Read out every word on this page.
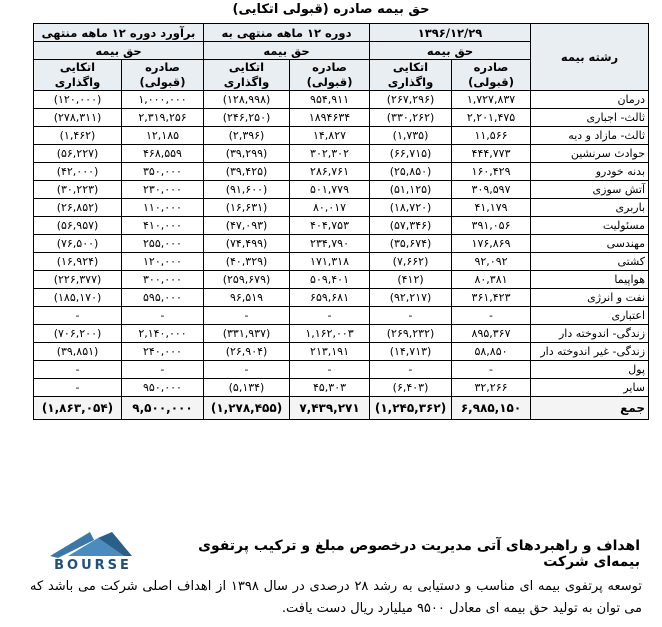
حق بیمه صادره (قبولی اتکایی)
رشته بیمه	۱۳۹۶/۱۲/۲۹		دوره ۱۲ ماهه منتهی به		برآورد دوره ۱۲ ماهه منتهی	
	حق بیمه		حق بیمه		حق بیمه	
	صادره (قبولی)	اتکایی واگذاری	صادره (قبولی)	اتکایی واگذاری	صادره (قبولی)	اتکایی واگذاری
درمان	۱,۷۲۷,۸۳۷	(۲۶۷,۲۹۶)	۹۵۴,۹۱۱	(۱۲۸,۹۹۸)	۱,۰۰۰,۰۰۰	(۱۲۰,۰۰۰)
ثالث- اجباری	۲,۲۰۱,۴۷۵	(۳۳۰,۲۶۲)	۱۸۹۴۶۳۴	(۲۴۶,۲۵۰)	۲,۳۱۹,۲۵۶	(۲۷۸,۳۱۱)
ثالث- مازاد و دیه	۱۱,۵۶۶	(۱,۷۳۵)	۱۴,۸۲۷	(۲,۳۹۶)	۱۲,۱۸۵	(۱,۴۶۲)
حوادث سرنشین	۴۴۴,۷۷۳	(۶۶,۷۱۵)	۳۰۲,۳۰۲	(۳۹,۲۹۹)	۴۶۸,۵۵۹	(۵۶,۲۲۷)
بدنه خودرو	۱۶۰,۴۲۹	(۲۵,۸۵۰)	۲۸۶,۷۶۱	(۳۹,۴۲۵)	۳۵۰,۰۰۰	(۴۲,۰۰۰)
آتش سوزی	۳۰۹,۵۹۷	(۵۱,۱۲۵)	۵۰۱,۷۷۹	(۹۱,۶۰۰)	۲۳۰,۰۰۰	(۳۰,۲۲۳)
باربری	۴۱,۱۷۹	(۱۸,۷۲۰)	۸۰,۰۱۷	(۱۶,۶۳۱)	۱۱۰,۰۰۰	(۲۶,۸۵۲)
مسئولیت	۳۹۱,۰۵۶	(۵۷,۳۴۶)	۴۰۴,۷۵۳	(۴۷,۰۹۳)	۴۱۰,۰۰۰	(۵۶,۹۵۷)
مهندسی	۱۷۶,۸۶۹	(۳۵,۶۷۴)	۲۳۴,۷۹۰	(۷۴,۴۹۹)	۲۵۵,۰۰۰	(۷۶,۵۰۰)
کشتی	۹۲,۰۹۲	(۷,۶۶۲)	۱۷۱,۳۱۸	(۴۰,۳۲۹)	۱۲۰,۰۰۰	(۱۶,۹۲۴)
هواپیما	۸۰,۳۸۱	(۴۱۲)	۵۰۹,۴۰۱	(۲۵۹,۶۷۹)	۳۰۰,۰۰۰	(۲۲۶,۳۷۷)
نفت و انرژی	۳۶۱,۴۲۳	(۹۲,۲۱۷)	۶۵۹,۶۸۱	۹۶,۵۱۹	۵۹۵,۰۰۰	(۱۸۵,۱۷۰)
اعتباری	-	-	-	-	-	-
زندگی- اندوخته دار	۸۹۵,۳۶۷	(۲۶۹,۲۳۲)	۱,۱۶۲,۰۰۳	(۳۳۱,۹۳۷)	۲,۱۴۰,۰۰۰	(۷۰۶,۲۰۰)
زندگی- غیر اندوخته دار	۵۸,۸۵۰	(۱۴,۷۱۳)	۲۱۳,۱۹۱	(۲۶,۹۰۴)	۲۴۰,۰۰۰	(۳۹,۸۵۱)
پول	-	-	-	-	-	-
سایر	۳۲,۲۶۶	(۶,۴۰۳)	۴۵,۳۰۳	(۵,۱۳۴)	۹۵۰,۰۰۰	-
جمع	۶,۹۸۵,۱۵۰	(۱,۲۴۵,۳۶۲)	۷,۴۳۹,۲۷۱	(۱,۲۷۸,۴۵۵)	۹,۵۰۰,۰۰۰	(۱,۸۶۳,۰۵۴)
BOURSE
اهداف و راهبردهای آتی مدیریت درخصوص مبلغ و ترکیب پرتفوی بیمه‌ای شرکت
توسعه پرتفوی بیمه ای مناسب و دستیابی به رشد ۲۸ درصدی در سال ۱۳۹۸ از اهداف اصلی شرکت می باشد که می توان به تولید حق بیمه ای معادل ۹۵۰۰ میلیارد ریال دست یافت.
